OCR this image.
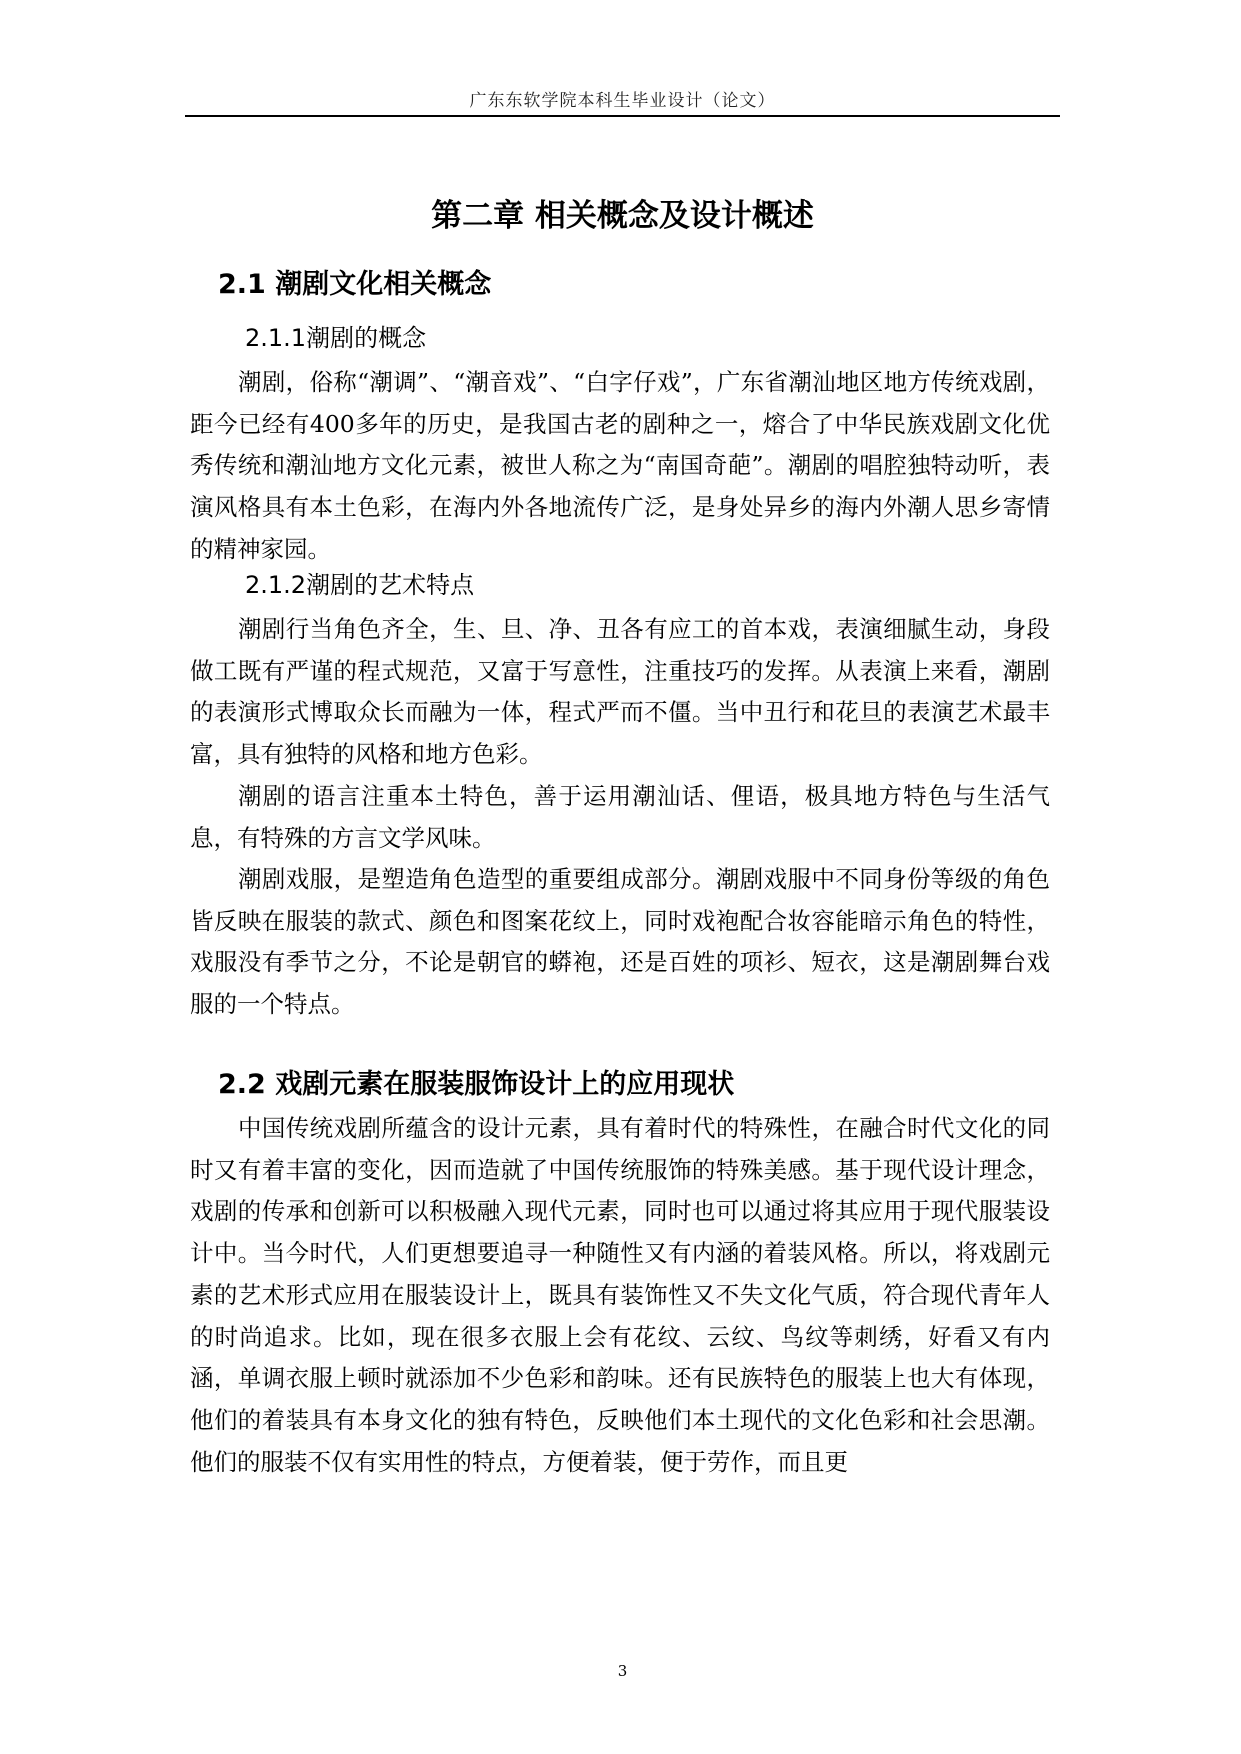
广东东软学院本科生毕业设计（论文）
第二章 相关概念及设计概述
2.1 潮剧文化相关概念
2.1.1潮剧的概念
潮剧，俗称“潮调”、“潮音戏”、“白字仔戏”，广东省潮汕地区地方传统戏剧，距今已经有400多年的历史，是我国古老的剧种之一，熔合了中华民族戏剧文化优秀传统和潮汕地方文化元素，被世人称之为“南国奇葩”。潮剧的唱腔独特动听，表演风格具有本土色彩，在海内外各地流传广泛，是身处异乡的海内外潮人思乡寄情的精神家园。
2.1.2潮剧的艺术特点
潮剧行当角色齐全，生、旦、净、丑各有应工的首本戏，表演细腻生动，身段做工既有严谨的程式规范，又富于写意性，注重技巧的发挥。从表演上来看，潮剧的表演形式博取众长而融为一体，程式严而不僵。当中丑行和花旦的表演艺术最丰富，具有独特的风格和地方色彩。
潮剧的语言注重本土特色，善于运用潮汕话、俚语，极具地方特色与生活气息，有特殊的方言文学风味。
潮剧戏服，是塑造角色造型的重要组成部分。潮剧戏服中不同身份等级的角色皆反映在服装的款式、颜色和图案花纹上，同时戏袍配合妆容能暗示角色的特性，戏服没有季节之分，不论是朝官的蟒袍，还是百姓的项衫、短衣，这是潮剧舞台戏服的一个特点。
2.2 戏剧元素在服装服饰设计上的应用现状
中国传统戏剧所蕴含的设计元素，具有着时代的特殊性，在融合时代文化的同时又有着丰富的变化，因而造就了中国传统服饰的特殊美感。基于现代设计理念，戏剧的传承和创新可以积极融入现代元素，同时也可以通过将其应用于现代服装设计中。当今时代，人们更想要追寻一种随性又有内涵的着装风格。所以，将戏剧元素的艺术形式应用在服装设计上，既具有装饰性又不失文化气质，符合现代青年人的时尚追求。比如，现在很多衣服上会有花纹、云纹、鸟纹等刺绣，好看又有内涵，单调衣服上顿时就添加不少色彩和韵味。还有民族特色的服装上也大有体现，他们的着装具有本身文化的独有特色，反映他们本土现代的文化色彩和社会思潮。他们的服装不仅有实用性的特点，方便着装，便于劳作，而且更
3
